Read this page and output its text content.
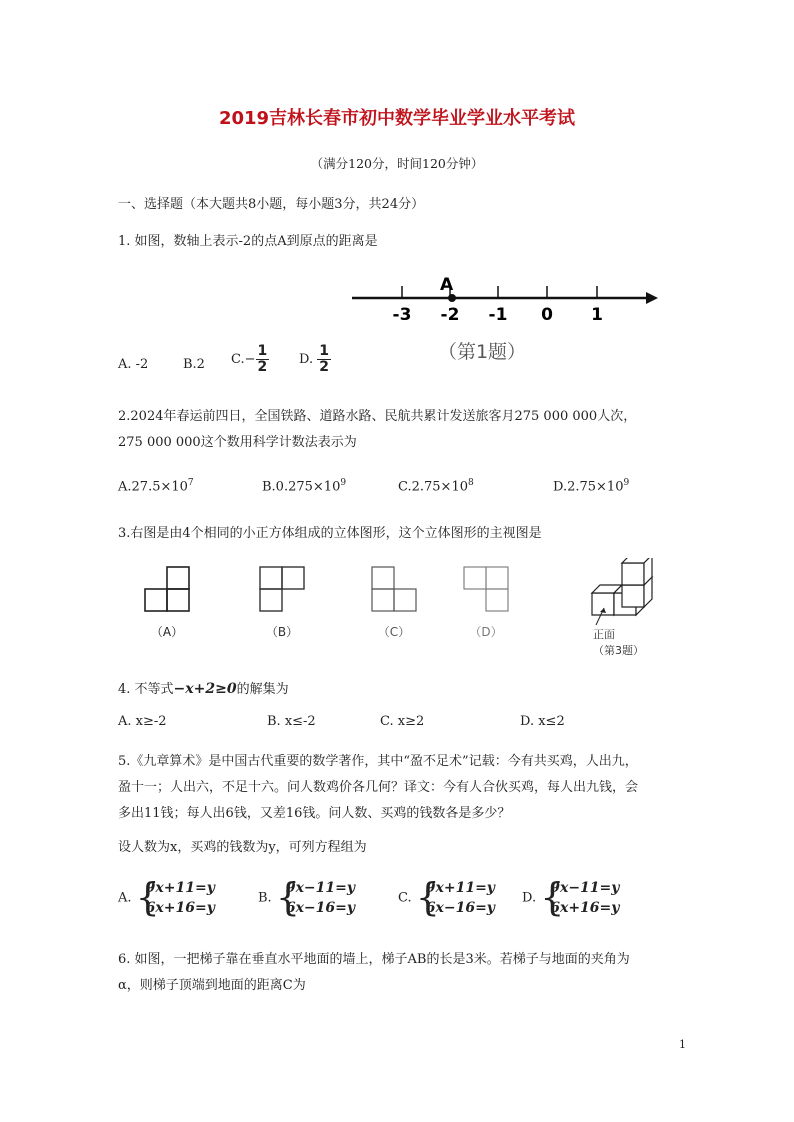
2019吉林长春市初中数学毕业学业水平考试
（满分120分，时间120分钟）
一、选择题（本大题共8小题，每小题3分，共24分）
1. 如图，数轴上表示-2的点A到原点的距离是
A
-3 -2 -1 0 1
（第1题）
A. -2	B.2 $C.- \frac{1}{2} D$. $\frac{1}{2}$
2.2024年春运前四日，全国铁路、道路水路、民航共累计发送旅客月275 000 000人次，
275 000 000这个数用科学计数法表示为
$A.27.5\times 10^7$	$B.0.275\times 10^9$	$C.2.75\times 10^8$	$D.2.75\times 10^9$
3.右图是由4个相同的小正方体组成的立体图形，这个立体图形的主视图是
（A）	（B）	（C）	（D）	正面
（第3题）
4. 不等式−x+2≥0的解集为
A. x≥-2	B. x≤-2	C. x≥2	D. x≤2
5.《九章算术》是中国古代重要的数学著作，其中“盈不足术”记载：今有共买鸡，人出九，
盈十一；人出六，不足十六。问人数鸡价各几何？译文：今有人合伙买鸡，每人出九钱，会
多出11钱；每人出6钱，又差16钱。问人数、买鸡的钱数各是多少？
设人数为x，买鸡的钱数为y，可列方程组为
A. {
9x+11=y
6x+16=y
B. {
9x−11=y
6x−16=y
C. {
9x+11=y
6x−16=y
D. {
9x−11=y
6x+16=y
6. 如图，一把梯子靠在垂直水平地面的墙上，梯子AB的长是3米。若梯子与地面的夹角为
α，则梯子顶端到地面的距离C为
1
